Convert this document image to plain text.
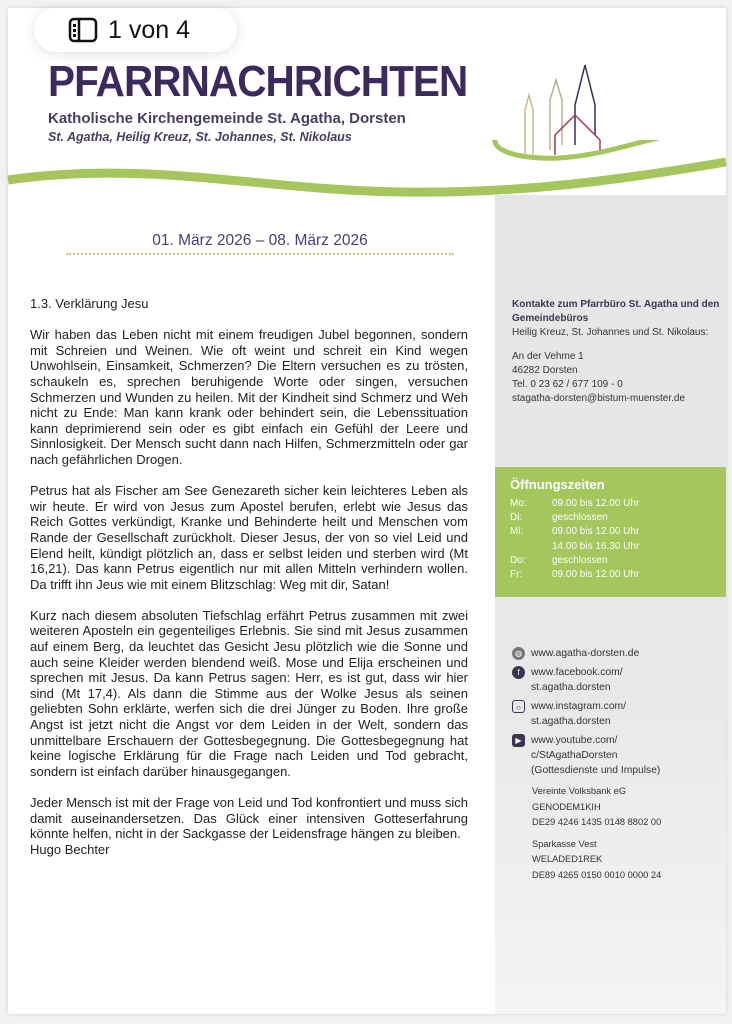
PFARRNACHRICHTEN
Katholische Kirchengemeinde St. Agatha, Dorsten
St. Agatha, Heilig Kreuz, St. Johannes, St. Nikolaus
01. März 2026 – 08. März 2026

1.3. Verklärung Jesu

Wir haben das Leben nicht mit einem freudigen Jubel begonnen, sondern mit Schreien und Weinen. Wie oft weint und schreit ein Kind wegen Unwohlsein, Einsamkeit, Schmerzen? Die Eltern versuchen es zu trösten, schaukeln es, sprechen beruhigende Worte oder singen, versuchen Schmerzen und Wunden zu heilen. Mit der Kindheit sind Schmerz und Weh nicht zu Ende: Man kann krank oder behindert sein, die Lebenssituation kann deprimierend sein oder es gibt einfach ein Gefühl der Leere und Sinnlosigkeit. Der Mensch sucht dann nach Hilfen, Schmerzmitteln oder gar nach gefährlichen Drogen.

Petrus hat als Fischer am See Genezareth sicher kein leichteres Leben als wir heute. Er wird von Jesus zum Apostel berufen, erlebt wie Jesus das Reich Gottes verkündigt, Kranke und Behinderte heilt und Menschen vom Rande der Gesellschaft zurückholt. Dieser Jesus, der von so viel Leid und Elend heilt, kündigt plötzlich an, dass er selbst leiden und sterben wird (Mt 16,21). Das kann Petrus eigentlich nur mit allen Mitteln verhindern wollen. Da trifft ihn Jeus wie mit einem Blitzschlag: Weg mit dir, Satan!

Kurz nach diesem absoluten Tiefschlag erfährt Petrus zusammen mit zwei weiteren Aposteln ein gegenteiliges Erlebnis. Sie sind mit Jesus zusammen auf einem Berg, da leuchtet das Gesicht Jesu plötzlich wie die Sonne und auch seine Kleider werden blendend weiß. Mose und Elija erscheinen und sprechen mit Jesus. Da kann Petrus sagen: Herr, es ist gut, dass wir hier sind (Mt 17,4). Als dann die Stimme aus der Wolke Jesus als seinen geliebten Sohn erklärte, werfen sich die drei Jünger zu Boden. Ihre große Angst ist jetzt nicht die Angst vor dem Leiden in der Welt, sondern das unmittelbare Erschauern der Gottesbegegnung. Die Gottesbegegnung hat keine logische Erklärung für die Frage nach Leiden und Tod gebracht, sondern ist einfach darüber hinausgegangen.

Jeder Mensch ist mit der Frage von Leid und Tod konfrontiert und muss sich damit auseinandersetzen. Das Glück einer intensiven Gotteserfahrung könnte helfen, nicht in der Sackgasse der Leidensfrage hängen zu bleiben.

Hugo Bechter
Kontakte zum Pfarrbüro St. Agatha und den Gemeindebüros
Heilig Kreuz, St. Johannes und St. Nikolaus:
An der Vehme 1
46282 Dorsten
Tel. 0 23 62 / 677 109 - 0
stagatha-dorsten@bistum-muenster.de
Öffnungszeiten
Mo:	09.00 bis 12.00 Uhr
Di:	geschlossen
Mi:	09.00 bis 12.00 Uhr
14.00 bis 16.30 Uhr
Do:	geschlossen
Fr:	09.00 bis 12.00 Uhr
◍ www.agatha-dorsten.de
f	www.facebook.com/ st.agatha.dorsten
○ www.instagram.com/ st.agatha.dorsten
▶ www.youtube.com/ c/StAgathaDorsten (Gottesdienste und Impulse)
Vereinte Volksbank eG
GENODEM1KIH
DE29 4246 1435 0148 8802 00
Sparkasse Vest
WELADED1REK
DE89 4265 0150 0010 0000 24
1 von 4
